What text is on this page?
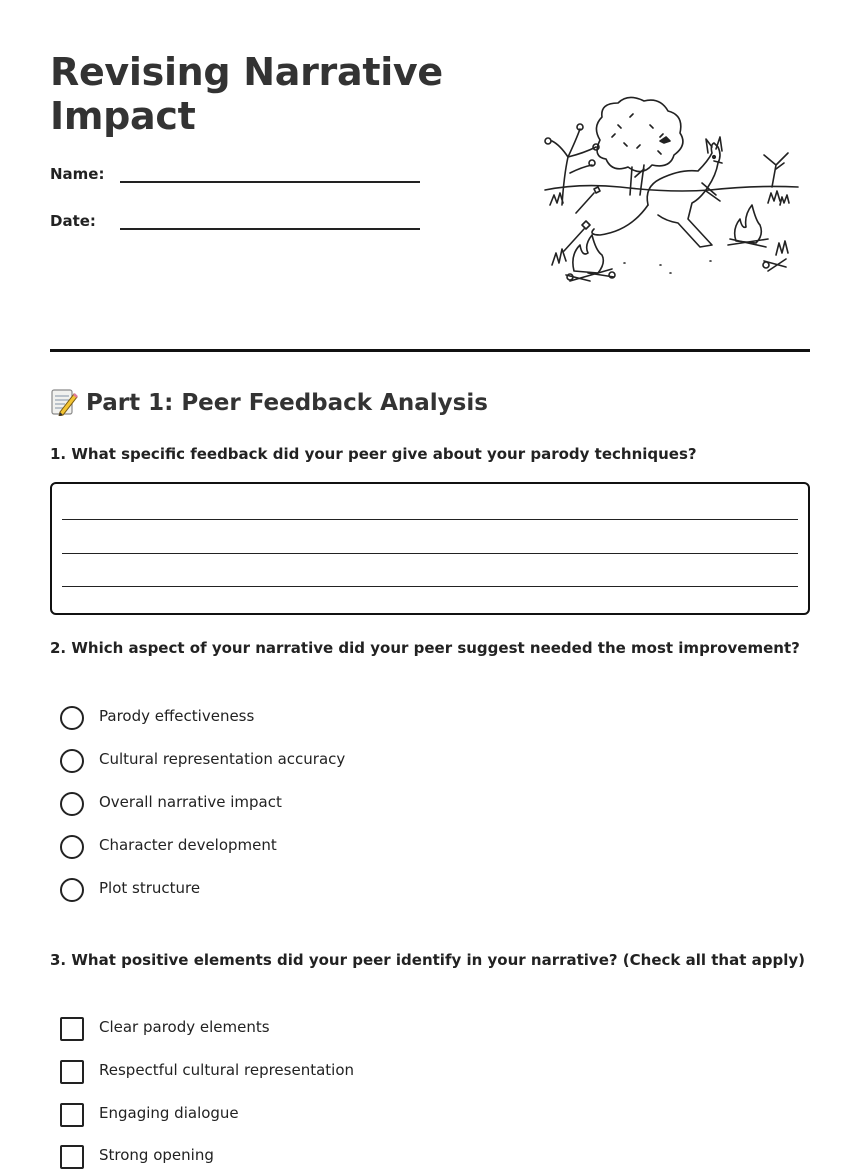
Revising Narrative
Impact
Name:
Date:
Part 1: Peer Feedback Analysis
1. What specific feedback did your peer give about your parody techniques?
2. Which aspect of your narrative did your peer suggest needed the most improvement?
Parody effectiveness
Cultural representation accuracy
Overall narrative impact
Character development
Plot structure
3. What positive elements did your peer identify in your narrative? (Check all that apply)
Clear parody elements
Respectful cultural representation
Engaging dialogue
Strong opening
